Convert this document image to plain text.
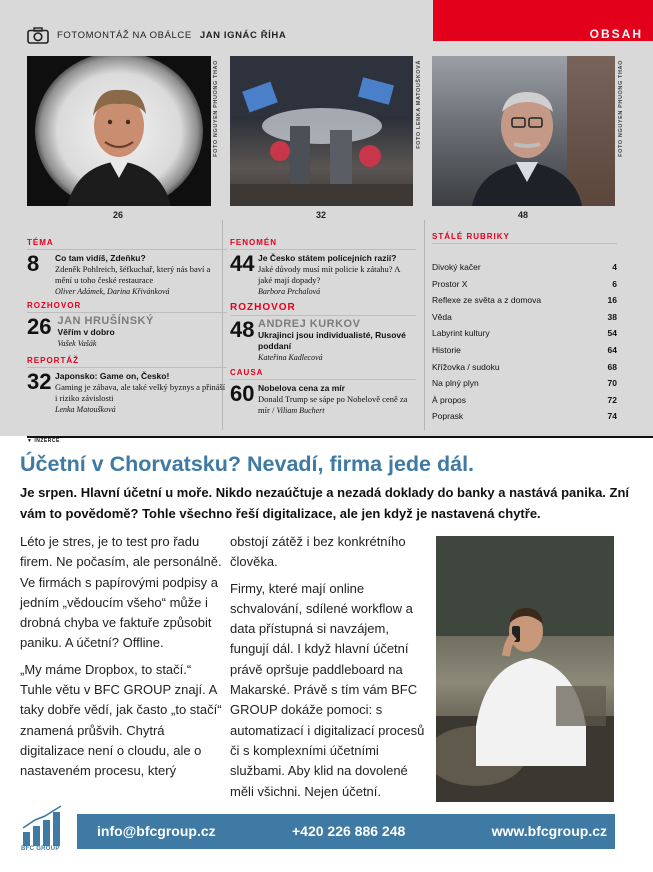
OBSAH
FOTOMONTÁŽ NA OBÁLCE JAN IGNÁC ŘÍHA
FOTO NGUYEN PHUONG THAO
26
FOTO LENKA MATOUŠKOVÁ
32
FOTO NGUYEN PHUONG THAO
48
TÉMA
8	Co tam vidíš, Zdeňku?
Zdeněk Pohlreich, šéfkuchař, který nás baví a mění u toho české restaurace
Oliver Adámek, Darina Křivánková
ROZHOVOR
26 JAN HRUŠÍNSKÝ
Věřím v dobro
Vašek Vašák
REPORTÁŽ
32 Japonsko: Game on, Česko!
Gaming je zábava, ale také velký byznys a přináší i riziko závislosti
Lenka Matoušková
FENOMÉN
44 Je Česko státem policejních razií?
Jaké důvody musí mít policie k zátahu? A jaké mají dopady?
Barbora Prchalová
ROZHOVOR
48 ANDREJ KURKOV
Ukrajinci jsou individualisté, Rusové poddaní
Kateřina Kadlecová
CAUSA
60 Nobelova cena za mír
Donald Trump se sápe po Nobelově ceně za mír / Viliam Buchert
STÁLÉ RUBRIKY
Divoký kačer	4
Prostor X	6
Reflexe ze světa a z domova	16
Věda	38
Labyrint kultury	54
Historie	64
Křížovka / sudoku	68
Na plný plyn	70
À propos	72
Poprask	74
▼ INZERCE
Účetní v Chorvatsku? Nevadí, firma jede dál.
Je srpen. Hlavní účetní u moře. Nikdo nezaúčtuje a nezadá doklady do banky a nastává panika. Zní vám to povědomě? Tohle všechno řeší digitalizace, ale jen když je nastavená chytře.

Léto je stres, je to test pro řadu firem. Ne počasím, ale personálně. Ve firmách s papírovými podpisy a jedním „vědoucím všeho“ může i drobná chyba ve faktuře způsobit paniku. A účetní? Offline.

„My máme Dropbox, to stačí.“ Tuhle větu v BFC GROUP znají. A taky dobře vědí, jak často „to stačí“ znamená průšvih. Chytrá digitalizace není o cloudu, ale o nastaveném procesu, který

obstojí zátěž i bez konkrétního člověka.

Firmy, které mají online schvalování, sdílené workflow a data přístupná si navzájem, fungují dál. I když hlavní účetní právě opršuje paddleboard na Makarské. Právě s tím vám BFC GROUP dokáže pomoci: s automatizací i digitalizací procesů či s komplexními účetními službami. Aby klid na dovolené měli všichni. Nejen účetní.

BFC GROUP
info@bfcgroup.cz	+420 226 886 248	www.bfcgroup.cz
